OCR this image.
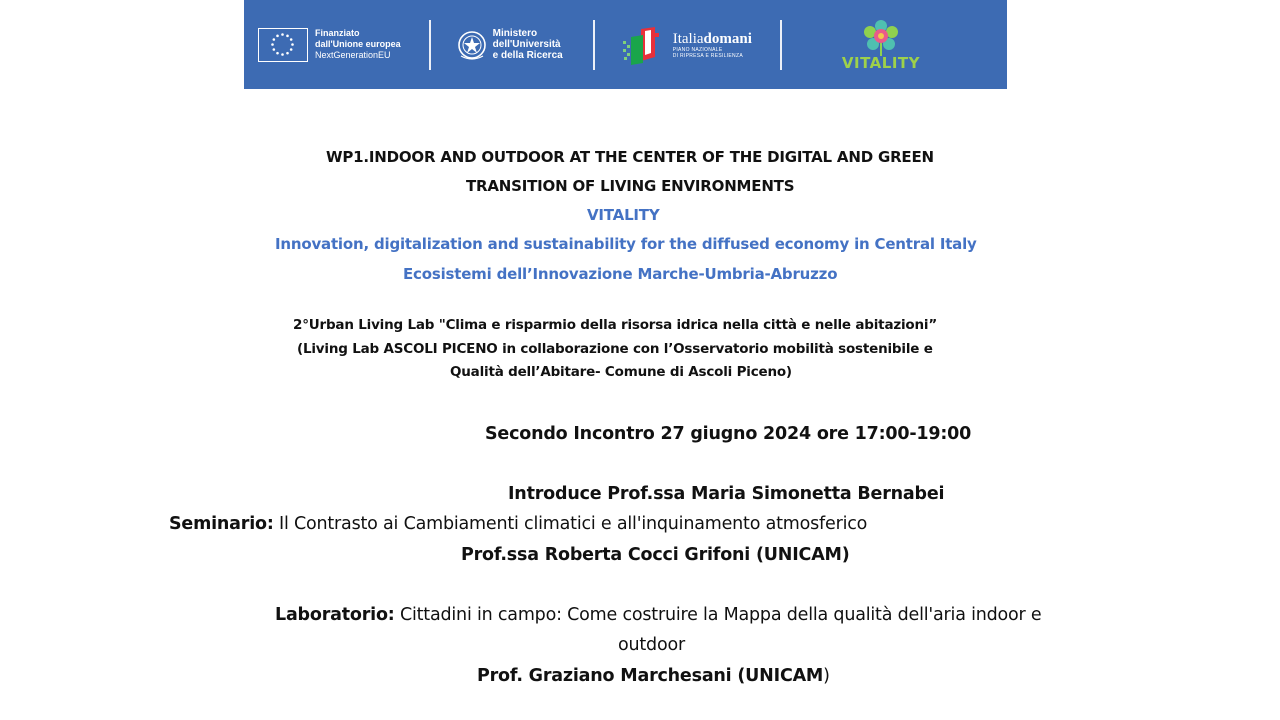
Finanziato
dall'Unione europea
NextGenerationEU
Ministero
dell'Università
e della Ricerca
Italiadomani
PIANO NAZIONALE
DI RIPRESA E RESILIENZA	VITALITY
WP1.INDOOR AND OUTDOOR AT THE CENTER OF THE DIGITAL AND GREEN
TRANSITION OF LIVING ENVIRONMENTS
VITALITY
Innovation, digitalization and sustainability for the diffused economy in Central Italy
Ecosistemi dell’Innovazione Marche-Umbria-Abruzzo
2°Urban Living Lab "Clima e risparmio della risorsa idrica nella città e nelle abitazioni”
(Living Lab ASCOLI PICENO in collaborazione con l’Osservatorio mobilità sostenibile e
Qualità dell’Abitare- Comune di Ascoli Piceno)
Secondo Incontro 27 giugno 2024 ore 17:00-19:00
Introduce Prof.ssa Maria Simonetta Bernabei
Seminario: Il Contrasto ai Cambiamenti climatici e all'inquinamento atmosferico
Prof.ssa Roberta Cocci Grifoni (UNICAM)
Laboratorio: Cittadini in campo: Come costruire la Mappa della qualità dell'aria indoor e
outdoor
Prof. Graziano Marchesani (UNICAM)
